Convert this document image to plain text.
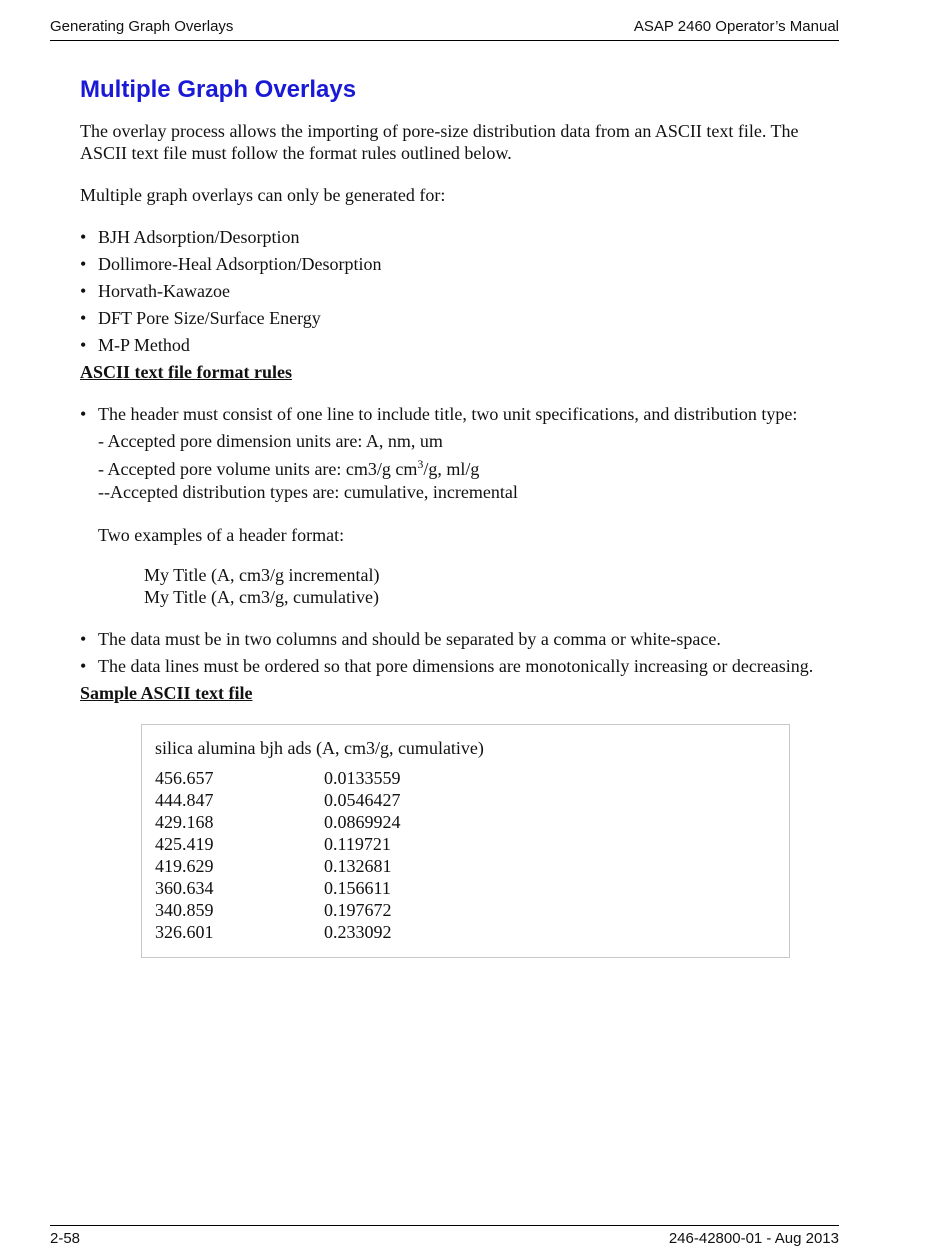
Generating Graph Overlays	ASAP 2460 Operator’s Manual
Multiple Graph Overlays

The overlay process allows the importing of pore-size distribution data from an ASCII text file. The ASCII text file must follow the format rules outlined below.

Multiple graph overlays can only be generated for:

• BJH Adsorption/Desorption
• Dollimore-Heal Adsorption/Desorption
• Horvath-Kawazoe
• DFT Pore Size/Surface Energy
• M-P Method
ASCII text file format rules
• The header must consist of one line to include title, two unit specifications, and distribution type:
- Accepted pore dimension units are: A, nm, um
- Accepted pore volume units are: cm3/g $cm^3/g$, ml/g
--Accepted distribution types are: cumulative, incremental
Two examples of a header format:
My Title (A, cm3/g incremental)
My Title (A, cm3/g, cumulative)
• The data must be in two columns and should be separated by a comma or white-space.
• The data lines must be ordered so that pore dimensions are monotonically increasing or decreasing.
Sample ASCII text file
silica alumina bjh ads (A, cm3/g, cumulative)
456.657	0.0133559
444.847	0.0546427
429.168	0.0869924
425.419	0.119721
419.629	0.132681
360.634	0.156611
340.859	0.197672
326.601	0.233092
2-58	246-42800-01 - Aug 2013
